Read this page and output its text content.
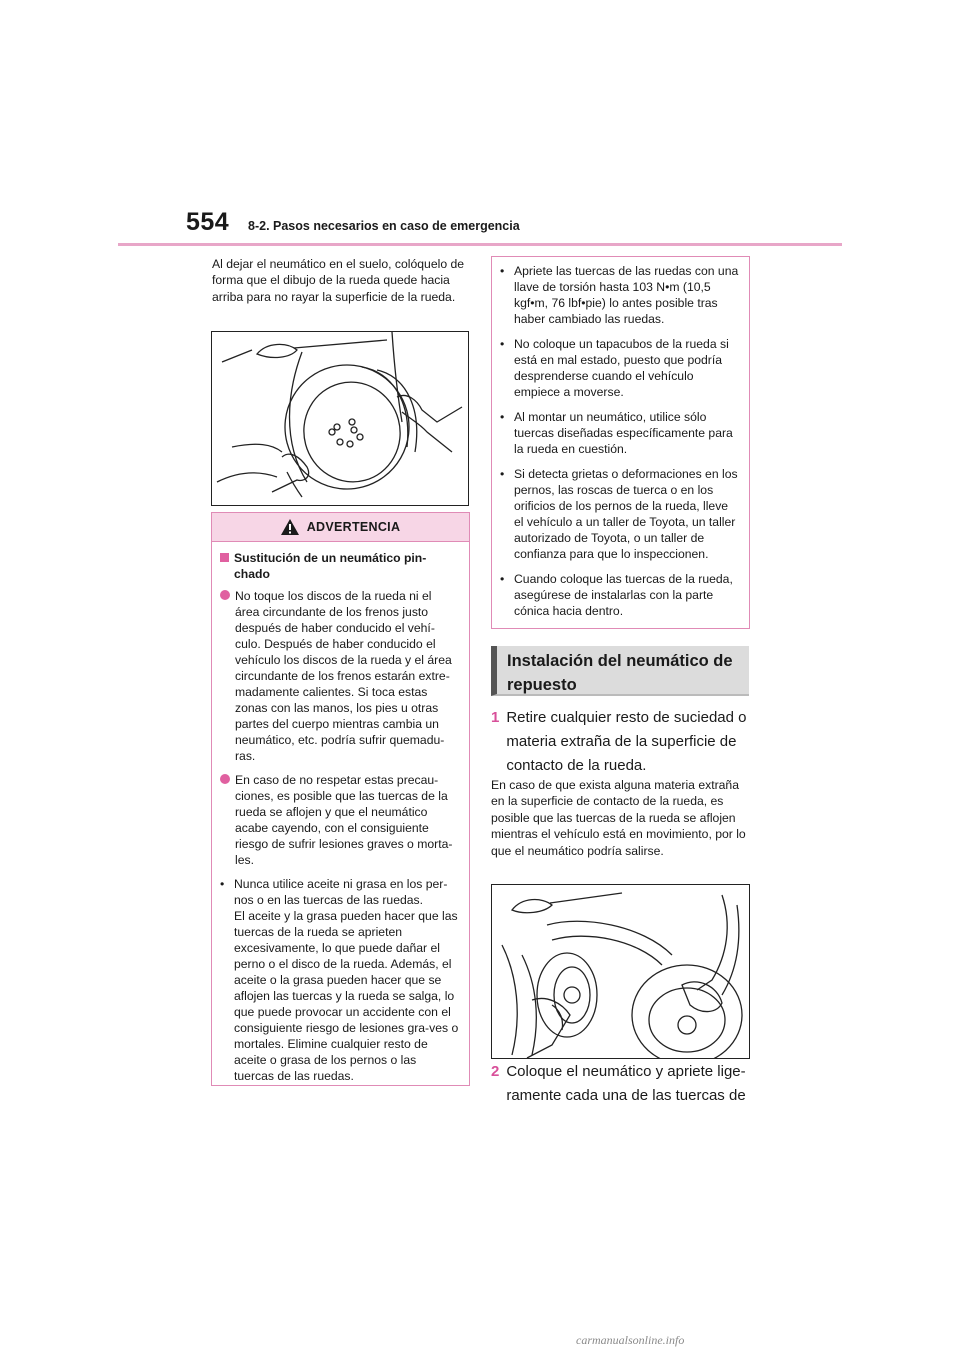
554 8-2. Pasos necesarios en caso de emergencia

Al dejar el neumático en el suelo, colóquelo de forma que el dibujo de la rueda quede hacia arriba para no rayar la superficie de la rueda.

ADVERTENCIA
Sustitución de un neumático pin-chado
No toque los discos de la rueda ni el área circundante de los frenos justo después de haber conducido el vehí-culo. Después de haber conducido el vehículo los discos de la rueda y el área circundante de los frenos estarán extre-madamente calientes. Si toca estas zonas con las manos, los pies u otras partes del cuerpo mientras cambia un neumático, etc. podría sufrir quemadu-ras.
En caso de no respetar estas precau-ciones, es posible que las tuercas de la rueda se aflojen y que el neumático acabe cayendo, con el consiguiente riesgo de sufrir lesiones graves o morta-les.
• Nunca utilice aceite ni grasa en los per-nos o en las tuercas de las ruedas.
El aceite y la grasa pueden hacer que las tuercas de la rueda se aprieten excesivamente, lo que puede dañar el perno o el disco de la rueda. Además, el aceite o la grasa pueden hacer que se aflojen las tuercas y la rueda se salga, lo que puede provocar un accidente con el consiguiente riesgo de lesiones gra-ves o mortales. Elimine cualquier resto de aceite o grasa de los pernos o las tuercas de las ruedas.
• Apriete las tuercas de las ruedas con una llave de torsión hasta 103 N•m (10,5 kgf•m, 76 lbf•pie) lo antes posible tras haber cambiado las ruedas.
• No coloque un tapacubos de la rueda si está en mal estado, puesto que podría desprenderse cuando el vehículo empiece a moverse.
• Al montar un neumático, utilice sólo tuercas diseñadas específicamente para la rueda en cuestión.
• Si detecta grietas o deformaciones en los pernos, las roscas de tuerca o en los orificios de los pernos de la rueda, lleve el vehículo a un taller de Toyota, un taller autorizado de Toyota, o un taller de confianza para que lo inspeccionen.
• Cuando coloque las tuercas de la rueda, asegúrese de instalarlas con la parte cónica hacia dentro.
Instalación del neumático de repuesto
1 Retire cualquier resto de suciedad o materia extraña de la superficie de contacto de la rueda.

En caso de que exista alguna materia extraña en la superficie de contacto de la rueda, es posible que las tuercas de la rueda se aflojen mientras el vehículo está en movimiento, por lo que el neumático podría salirse.

2 Coloque el neumático y apriete lige-ramente cada una de las tuercas de
carmanualsonline.info
